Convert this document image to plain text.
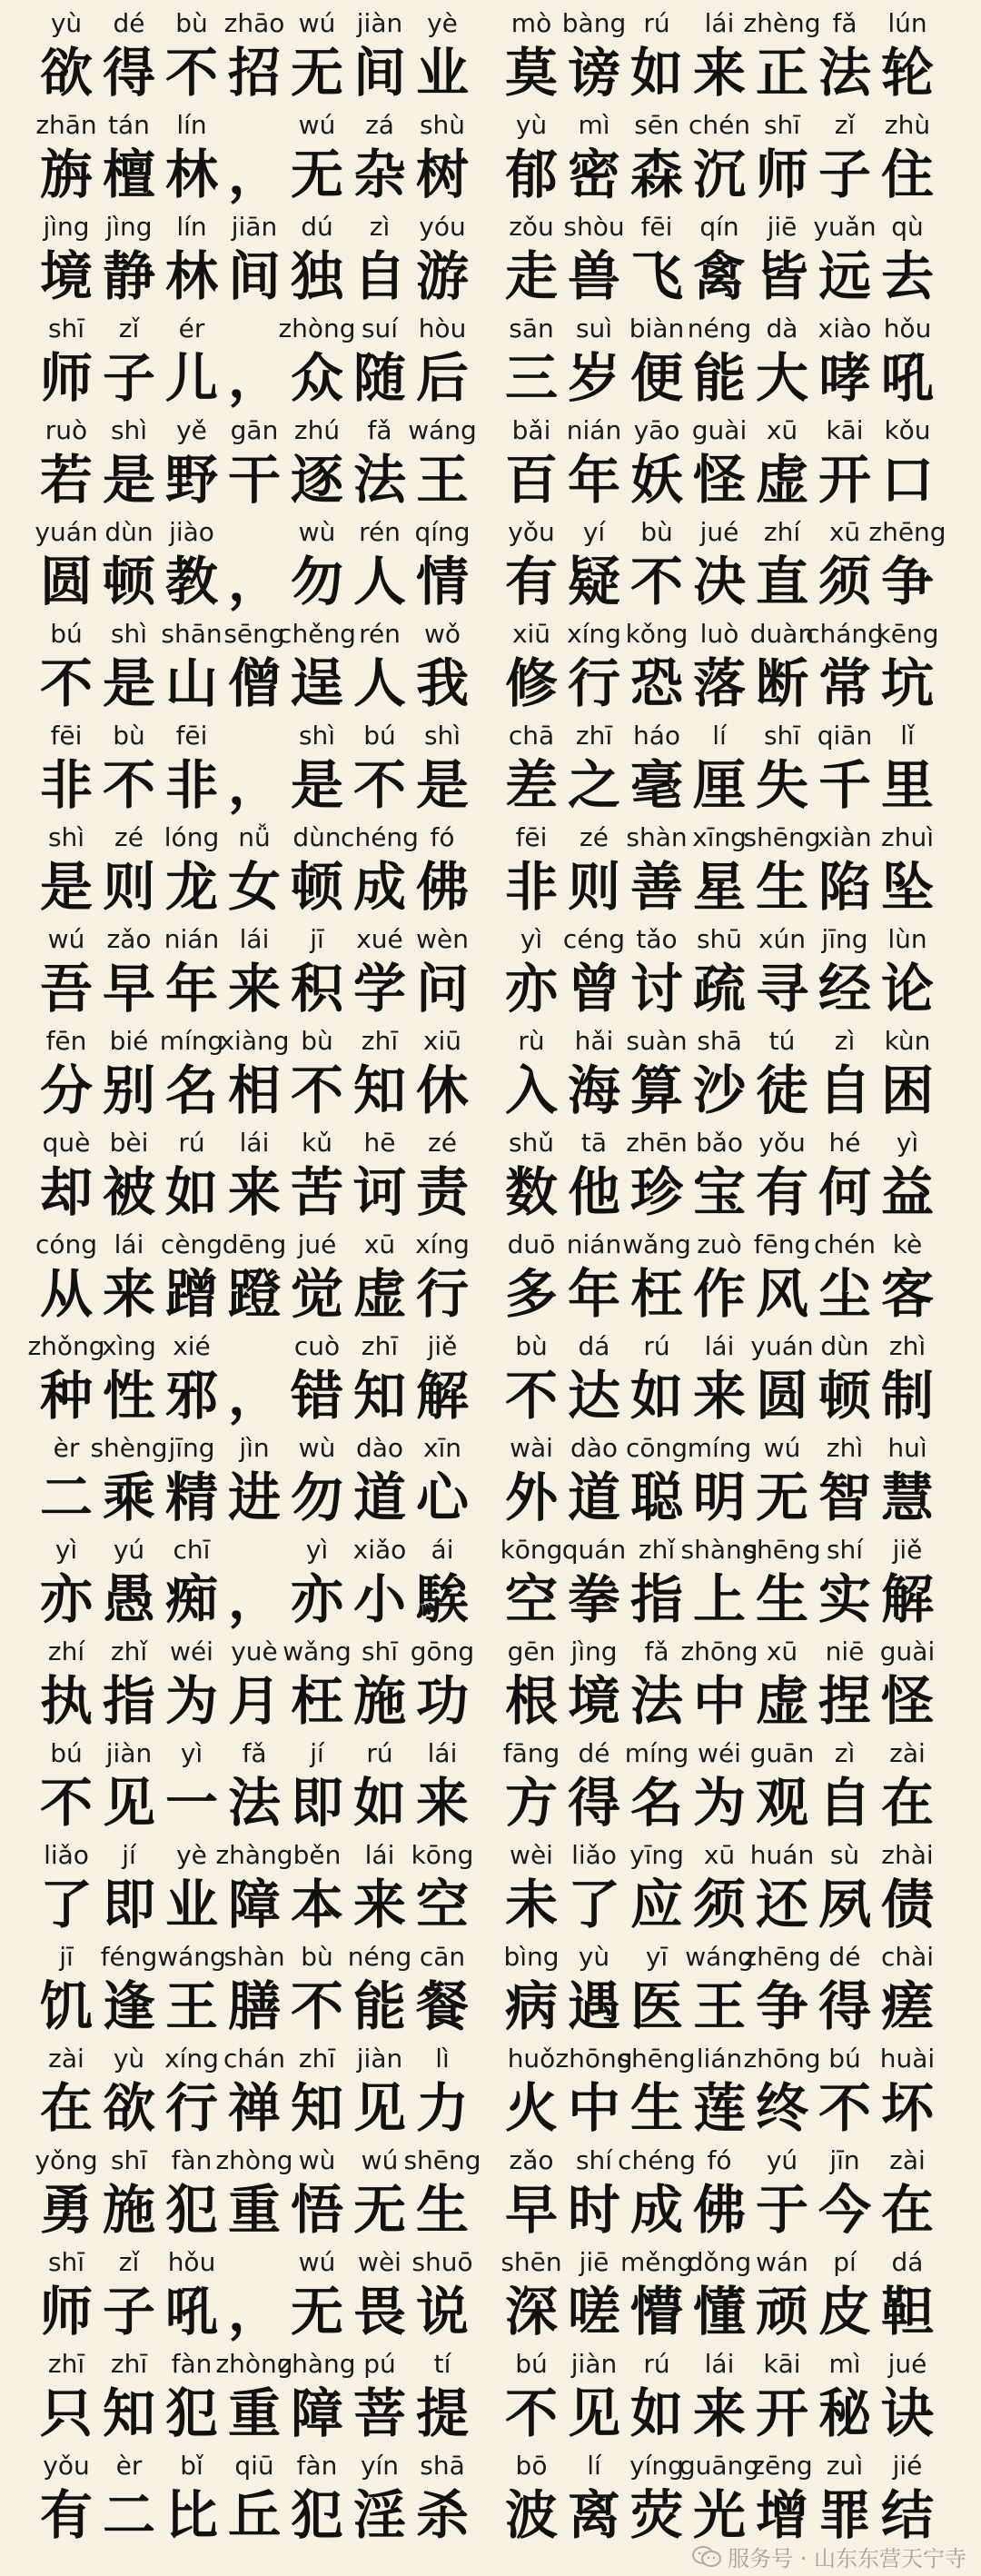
yù
欲
dé
得
bù
不
zhāo
招
wú
无
jiàn
间
yè
业
mò
莫
bàng
谤
rú
如
lái
来
zhèng
正
fǎ
法
lún
轮
zhān
旃
tán
檀
lín
林 ，
wú
无
zá
杂
shù
树
yù
郁
mì
密
sēn
森
chén
沉
shī
师
zǐ
子
zhù
住
jìng
境
jìng
静
lín
林
jiān
间
dú
独
zì
自
yóu
游
zǒu
走
shòu
兽
fēi
飞
qín
禽
jiē
皆
yuǎn
远
qù
去
shī
师
zǐ
子
ér
儿 ，
zhòng
众
suí
随
hòu
后
sān
三
suì
岁
biàn
便
néng
能
dà
大
xiào
哮
hǒu
吼
ruò
若
shì
是
yě
野
gān
干
zhú
逐
fǎ
法
wáng
王
bǎi
百
nián
年
yāo
妖
guài
怪
xū
虚
kāi
开
kǒu
口
yuán
圆
dùn
顿
jiào
教 ，
wù
勿
rén
人
qíng
情
yǒu
有
yí
疑
bù
不
jué
决
zhí
直
xū
须
zhēng
争
bú
不
shì
是
shān
山
sēng
僧
chěng
逞
rén
人
wǒ
我
xiū
修
xíng
行
kǒng
恐
luò
落
duàn
断
cháng
常
kēng
坑
fēi
非
bù
不
fēi
非 ，
shì
是
bú
不
shì
是
chā
差
zhī
之
háo
毫
lí
厘
shī
失
qiān
千
lǐ
里
shì
是
zé
则
lóng
龙
nǚ
女
dùn
顿
chéng
成
fó
佛
fēi
非
zé
则
shàn
善
xīng
星
shēng
生
xiàn
陷
zhuì
坠
wú
吾
zǎo
早
nián
年
lái
来
jī
积
xué
学
wèn
问
yì
亦
céng
曾
tǎo
讨
shū
疏
xún
寻
jīng
经
lùn
论
fēn
分
bié
别
míng
名
xiàng
相
bù
不
zhī
知
xiū
休
rù
入
hǎi
海
suàn
算
shā
沙
tú
徒
zì
自
kùn
困
què
却
bèi
被
rú
如
lái
来
kǔ
苦
hē
诃
zé
责
shǔ
数
tā
他
zhēn
珍
bǎo
宝
yǒu
有
hé
何
yì
益
cóng
从
lái
来
cèng
蹭
dēng
蹬
jué
觉
xū
虚
xíng
行
duō
多
nián
年
wǎng
枉
zuò
作
fēng
风
chén
尘
kè
客
zhǒng
种
xìng
性
xié
邪 ，
cuò
错
zhī
知
jiě
解
bù
不
dá
达
rú
如
lái
来
yuán
圆
dùn
顿
zhì
制
èr
二
shèng
乘
jīng
精
jìn
进
wù
勿
dào
道
xīn
心
wài
外
dào
道
cōng
聪
míng
明
wú
无
zhì
智
huì
慧
yì
亦
yú
愚
chī
痴 ，
yì
亦
xiǎo
小
ái
騃
kōng
空
quán
拳
zhǐ
指
shàng
上
shēng
生
shí
实
jiě
解
zhí
执
zhǐ
指
wéi
为
yuè
月
wǎng
枉
shī
施
gōng
功
gēn
根
jìng
境
fǎ
法
zhōng
中
xū
虚
niē
捏
guài
怪
bú
不
jiàn
见
yì
一
fǎ
法
jí
即
rú
如
lái
来
fāng
方
dé
得
míng
名
wéi
为
guān
观
zì
自
zài
在
liǎo
了
jí
即
yè
业
zhàng
障
běn
本
lái
来
kōng
空
wèi
未
liǎo
了
yīng
应
xū
须
huán
还
sù
夙
zhài
债
jī
饥
féng
逢
wáng
王
shàn
膳
bù
不
néng
能
cān
餐
bìng
病
yù
遇
yī
医
wáng
王
zhēng
争
dé
得
chài
瘥
zài
在
yù
欲
xíng
行
chán
禅
zhī
知
jiàn
见
lì
力
huǒ
火
zhōng
中
shēng
生
lián
莲
zhōng
终
bú
不
huài
坏
yǒng
勇
shī
施
fàn
犯
zhòng
重
wù
悟
wú
无
shēng
生
zǎo
早
shí
时
chéng
成
fó
佛
yú
于
jīn
今
zài
在
shī
师
zǐ
子
hǒu
吼 ，
wú
无
wèi
畏
shuō
说
shēn
深
jiē
嗟
měng
懵
dǒng
懂
wán
顽
pí
皮
dá
靼
zhī
只
zhī
知
fàn
犯
zhòng
重
zhàng
障
pú
菩
tí
提
bú
不
jiàn
见
rú
如
lái
来
kāi
开
mì
秘
jué
诀
yǒu
有
èr
二
bǐ
比
qiū
丘
fàn
犯
yín
淫
shā
杀
bō
波
lí
离
yíng
荧
guāng
光
zēng
增
zuì
罪
jié
结
服务号 · 山东东营天宁寺
